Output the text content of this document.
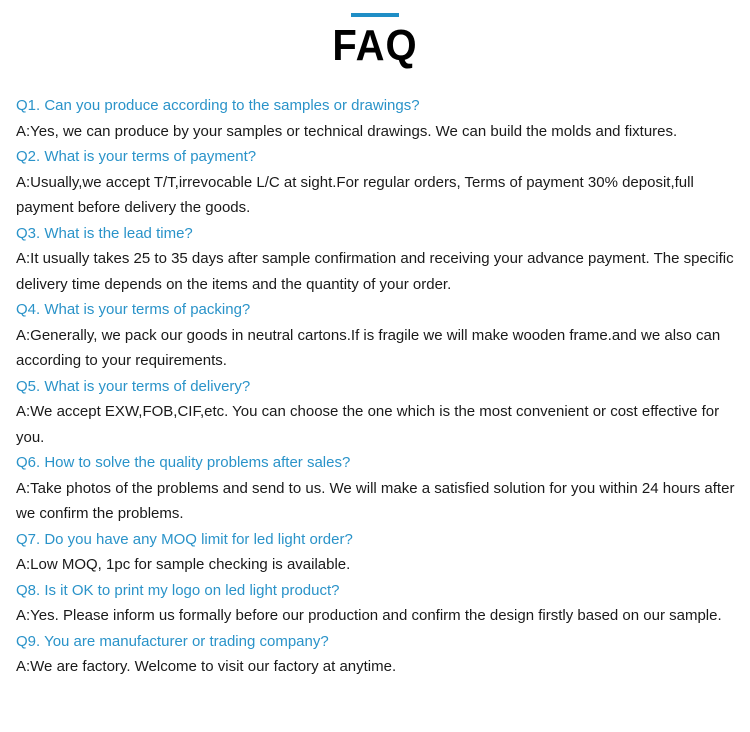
FAQ
Q1. Can you produce according to the samples or drawings?
A:Yes, we can produce by your samples or technical drawings. We can build the molds and fixtures.
Q2. What is your terms of payment?
A:Usually,we accept T/T,irrevocable L/C at sight.For regular orders, Terms of payment 30% deposit,full payment before delivery the goods.
Q3. What is the lead time?
A:It usually takes 25 to 35 days after sample confirmation and receiving your advance payment. The specific delivery time depends on the items and the quantity of your order.
Q4. What is your terms of packing?
A:Generally, we pack our goods in neutral cartons.If is fragile we will make wooden frame.and we also can according to your requirements.
Q5. What is your terms of delivery?
A:We accept EXW,FOB,CIF,etc. You can choose the one which is the most convenient or cost effective for you.
Q6. How to solve the quality problems after sales?
A:Take photos of the problems and send to us. We will make a satisfied solution for you within 24 hours after we confirm the problems.
Q7. Do you have any MOQ limit for led light order?
A:Low MOQ, 1pc for sample checking is available.
Q8. Is it OK to print my logo on led light product?
A:Yes. Please inform us formally before our production and confirm the design firstly based on our sample.
Q9. You are manufacturer or trading company?
A:We are factory. Welcome to visit our factory at anytime.
